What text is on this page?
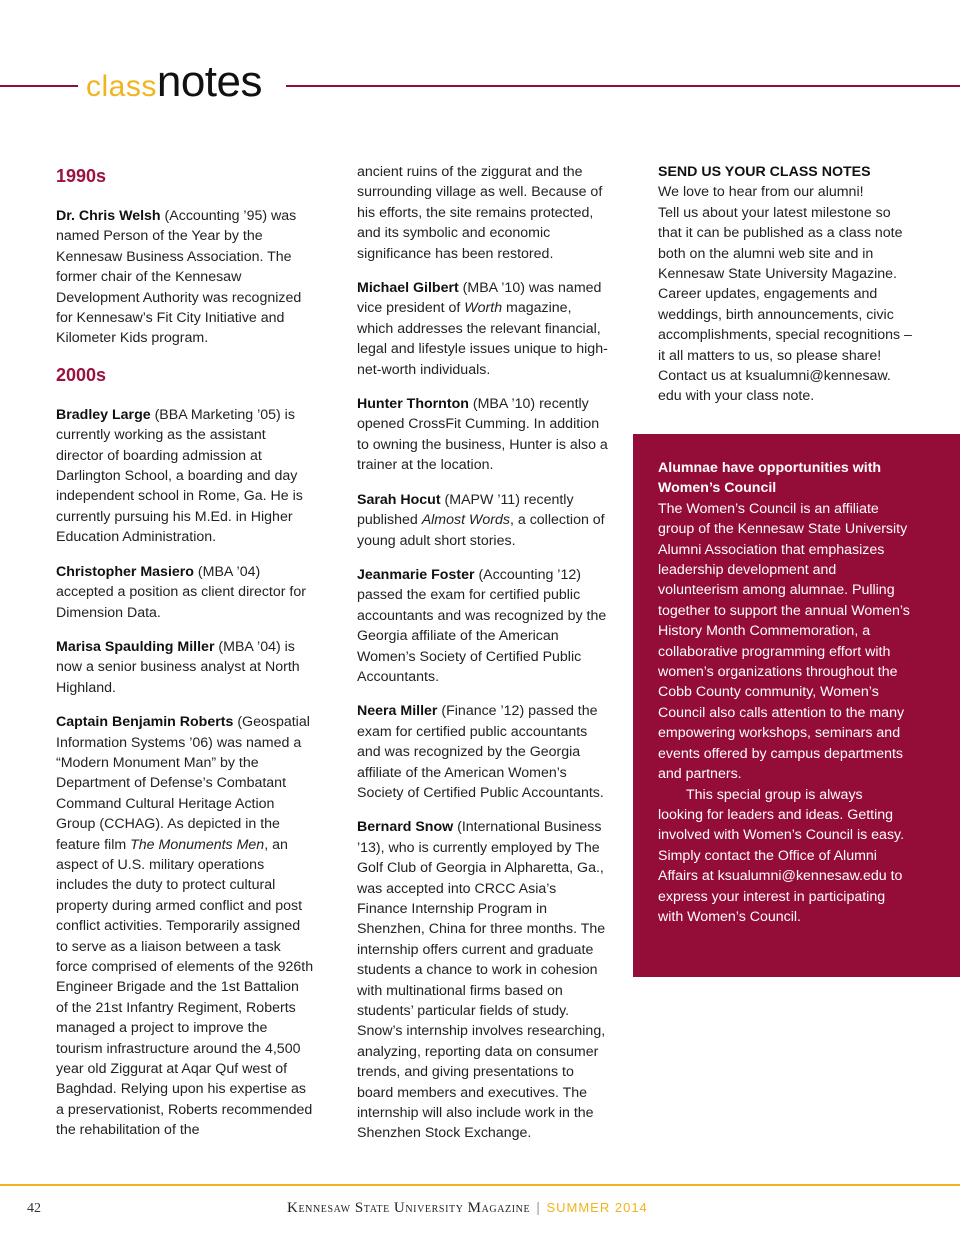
classnotes
1990s

Dr. Chris Welsh (Accounting ’95) was named Person of the Year by the Kennesaw Business Association. The former chair of the Kennesaw Development Authority was recognized for Kennesaw’s Fit City Initiative and Kilometer Kids program.

2000s

Bradley Large (BBA Marketing ’05) is currently working as the assistant director of boarding admission at Darlington School, a boarding and day independent school in Rome, Ga. He is currently pursuing his M.Ed. in Higher Education Administration.

Christopher Masiero (MBA ’04) accepted a position as client director for Dimension Data.

Marisa Spaulding Miller (MBA ’04) is now a senior business analyst at North Highland.

Captain Benjamin Roberts (Geospatial Information Systems ’06) was named a “Modern Monument Man” by the Department of Defense’s Combatant Command Cultural Heritage Action Group (CCHAG). As depicted in the feature film The Monuments Men, an aspect of U.S. military operations includes the duty to protect cultural property during armed conflict and post conflict activities. Temporarily assigned to serve as a liaison between a task force comprised of elements of the 926th Engineer Brigade and the 1st Battalion of the 21st Infantry Regiment, Roberts managed a project to improve the tourism infrastructure around the 4,500 year old Ziggurat at Aqar Quf west of Baghdad. Relying upon his expertise as a preservationist, Roberts recommended the rehabilitation of the

ancient ruins of the ziggurat and the surrounding village as well. Because of his efforts, the site remains protected, and its symbolic and economic significance has been restored.

Michael Gilbert (MBA ’10) was named vice president of Worth magazine, which addresses the relevant financial, legal and lifestyle issues unique to high-net-worth individuals.

Hunter Thornton (MBA ’10) recently opened CrossFit Cumming. In addition to owning the business, Hunter is also a trainer at the location.

Sarah Hocut (MAPW ’11) recently published Almost Words, a collection of young adult short stories.

Jeanmarie Foster (Accounting ’12) passed the exam for certified public accountants and was recognized by the Georgia affiliate of the American Women’s Society of Certified Public Accountants.

Neera Miller (Finance ’12) passed the exam for certified public accountants and was recognized by the Georgia affiliate of the American Women’s Society of Certified Public Accountants.

Bernard Snow (International Business ’13), who is currently employed by The Golf Club of Georgia in Alpharetta, Ga., was accepted into CRCC Asia’s Finance Internship Program in Shenzhen, China for three months. The internship offers current and graduate students a chance to work in cohesion with multinational firms based on students’ particular fields of study. Snow’s internship involves researching, analyzing, reporting data on consumer trends, and giving presentations to board members and executives. The internship will also include work in the Shenzhen Stock Exchange.

SEND US YOUR CLASS NOTES
We love to hear from our alumni!
Tell us about your latest milestone so that it can be published as a class note both on the alumni web site and in Kennesaw State University Magazine. Career updates, engagements and weddings, birth announcements, civic accomplishments, special recognitions – it all matters to us, so please share! Contact us at ksualumni@kennesaw. edu with your class note.
Alumnae have opportunities with Women’s Council
The Women’s Council is an affiliate group of the Kennesaw State University Alumni Association that emphasizes leadership development and volunteerism among alumnae. Pulling together to support the annual Women’s History Month Commemoration, a collaborative programming effort with women’s organizations throughout the Cobb County community, Women’s Council also calls attention to the many empowering workshops, seminars and events offered by campus departments and partners.
This special group is always looking for leaders and ideas. Getting involved with Women’s Council is easy. Simply contact the Office of Alumni Affairs at ksualumni@kennesaw.edu to express your interest in participating with Women’s Council.
42	Kennesaw State University Magazine | SUMMER 2014
